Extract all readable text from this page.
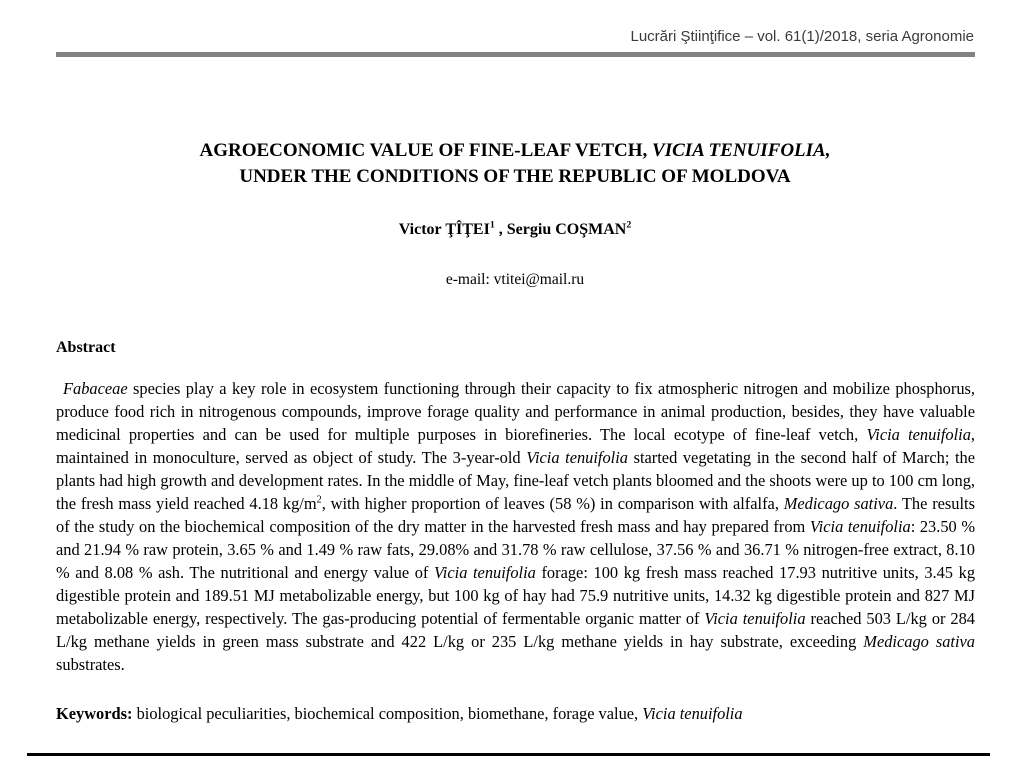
Lucrări Ştiinţifice – vol. 61(1)/2018, seria Agronomie
AGROECONOMIC VALUE OF FINE-LEAF VETCH, VICIA TENUIFOLIA,
UNDER THE CONDITIONS OF THE REPUBLIC OF MOLDOVA
Victor ŢÎŢEI$^1$ , Sergiu COŞMAN$^2$
e-mail: vtitei@mail.ru
Abstract

Fabaceae species play a key role in ecosystem functioning through their capacity to fix atmospheric nitrogen and mobilize phosphorus, produce food rich in nitrogenous compounds, improve forage quality and performance in animal production, besides, they have valuable medicinal properties and can be used for multiple purposes in biorefineries. The local ecotype of fine-leaf vetch, Vicia tenuifolia, maintained in monoculture, served as object of study. The 3-year-old Vicia tenuifolia started vegetating in the second half of March; the plants had high growth and development rates. In the middle of May, fine-leaf vetch plants bloomed and the shoots were up to 100 cm long, the fresh mass yield reached 4.18 $kg/m^2$, with higher proportion of leaves (58 %) in comparison with alfalfa, Medicago sativa. The results of the study on the biochemical composition of the dry matter in the harvested fresh mass and hay prepared from Vicia tenuifolia: 23.50 % and 21.94 % raw protein, 3.65 % and 1.49 % raw fats, 29.08% and 31.78 % raw cellulose, 37.56 % and 36.71 % nitrogen-free extract, 8.10 % and 8.08 % ash. The nutritional and energy value of Vicia tenuifolia forage: 100 kg fresh mass reached 17.93 nutritive units, 3.45 kg digestible protein and 189.51 MJ metabolizable energy, but 100 kg of hay had 75.9 nutritive units, 14.32 kg digestible protein and 827 MJ metabolizable energy, respectively. The gas-producing potential of fermentable organic matter of Vicia tenuifolia reached 503 L/kg or 284 L/kg methane yields in green mass substrate and 422 L/kg or 235 L/kg methane yields in hay substrate, exceeding Medicago sativa substrates.

Keywords: biological peculiarities, biochemical composition, biomethane, forage value, Vicia tenuifolia
